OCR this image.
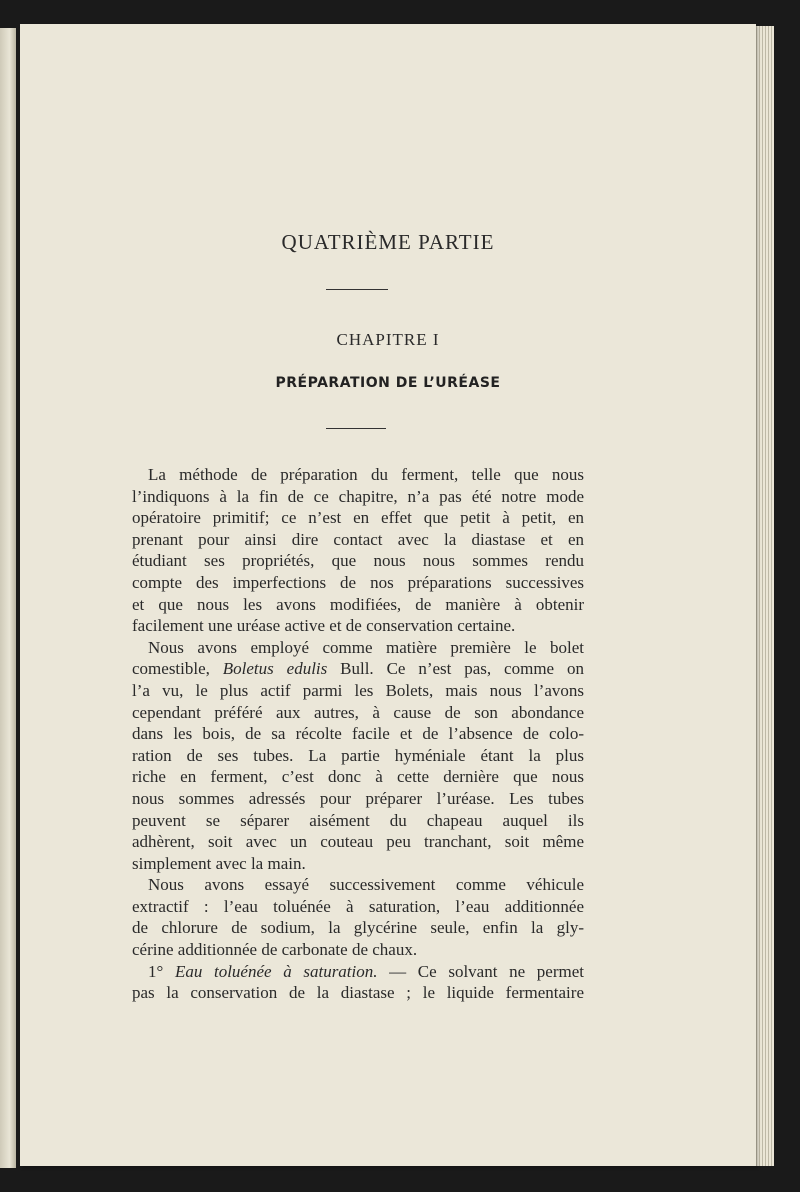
QUATRIÈME PARTIE
CHAPITRE I
PRÉPARATION DE L’URÉASE
La méthode de préparation du ferment, telle que nous
l’indiquons à la fin de ce chapitre, n’a pas été notre mode
opératoire primitif; ce n’est en effet que petit à petit, en
prenant pour ainsi dire contact avec la diastase et en
étudiant ses propriétés, que nous nous sommes rendu
compte des imperfections de nos préparations successives
et que nous les avons modifiées, de manière à obtenir
facilement une uréase active et de conservation certaine.
Nous avons employé comme matière première le bolet
comestible, Boletus edulis Bull. Ce n’est pas, comme on
l’a vu, le plus actif parmi les Bolets, mais nous l’avons
cependant préféré aux autres, à cause de son abondance
dans les bois, de sa récolte facile et de l’absence de colo-
ration de ses tubes. La partie hyméniale étant la plus
riche en ferment, c’est donc à cette dernière que nous
nous sommes adressés pour préparer l’uréase. Les tubes
peuvent se séparer aisément du chapeau auquel ils
adhèrent, soit avec un couteau peu tranchant, soit même
simplement avec la main.
Nous avons essayé successivement comme véhicule
extractif : l’eau toluénée à saturation, l’eau additionnée
de chlorure de sodium, la glycérine seule, enfin la gly-
cérine additionnée de carbonate de chaux.
1° Eau toluénée à saturation. — Ce solvant ne permet
pas la conservation de la diastase ; le liquide fermentaire
